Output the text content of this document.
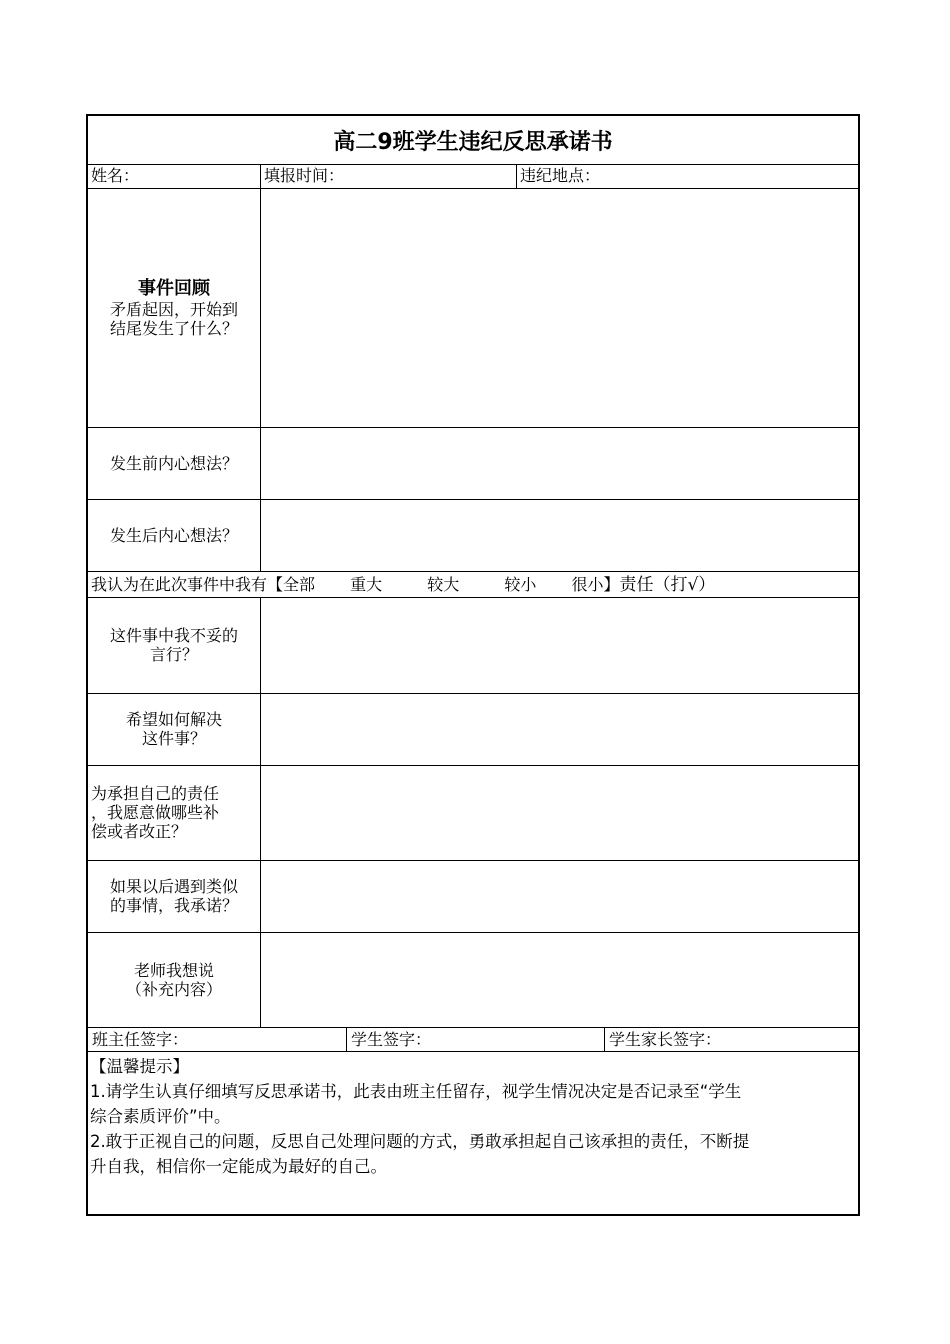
高二9班学生违纪反思承诺书
姓名：	填报时间：	违纪地点：
事件回顾
矛盾起因，开始到
结尾发生了什么？
发生前内心想法？
发生后内心想法？
我认为在此次事件中我有【全部 重大	较大	较小 很小】责任（打√）
这件事中我不妥的
言行？
希望如何解决
这件事？
为承担自己的责任
，我愿意做哪些补
偿或者改正？
如果以后遇到类似
的事情，我承诺？
老师我想说
（补充内容）
班主任签字：	学生签字：	学生家长签字：

【温馨提示】

1.请学生认真仔细填写反思承诺书，此表由班主任留存，视学生情况决定是否记录至“学生

综合素质评价”中。

2.敢于正视自己的问题，反思自己处理问题的方式，勇敢承担起自己该承担的责任，不断提

升自我，相信你一定能成为最好的自己。
